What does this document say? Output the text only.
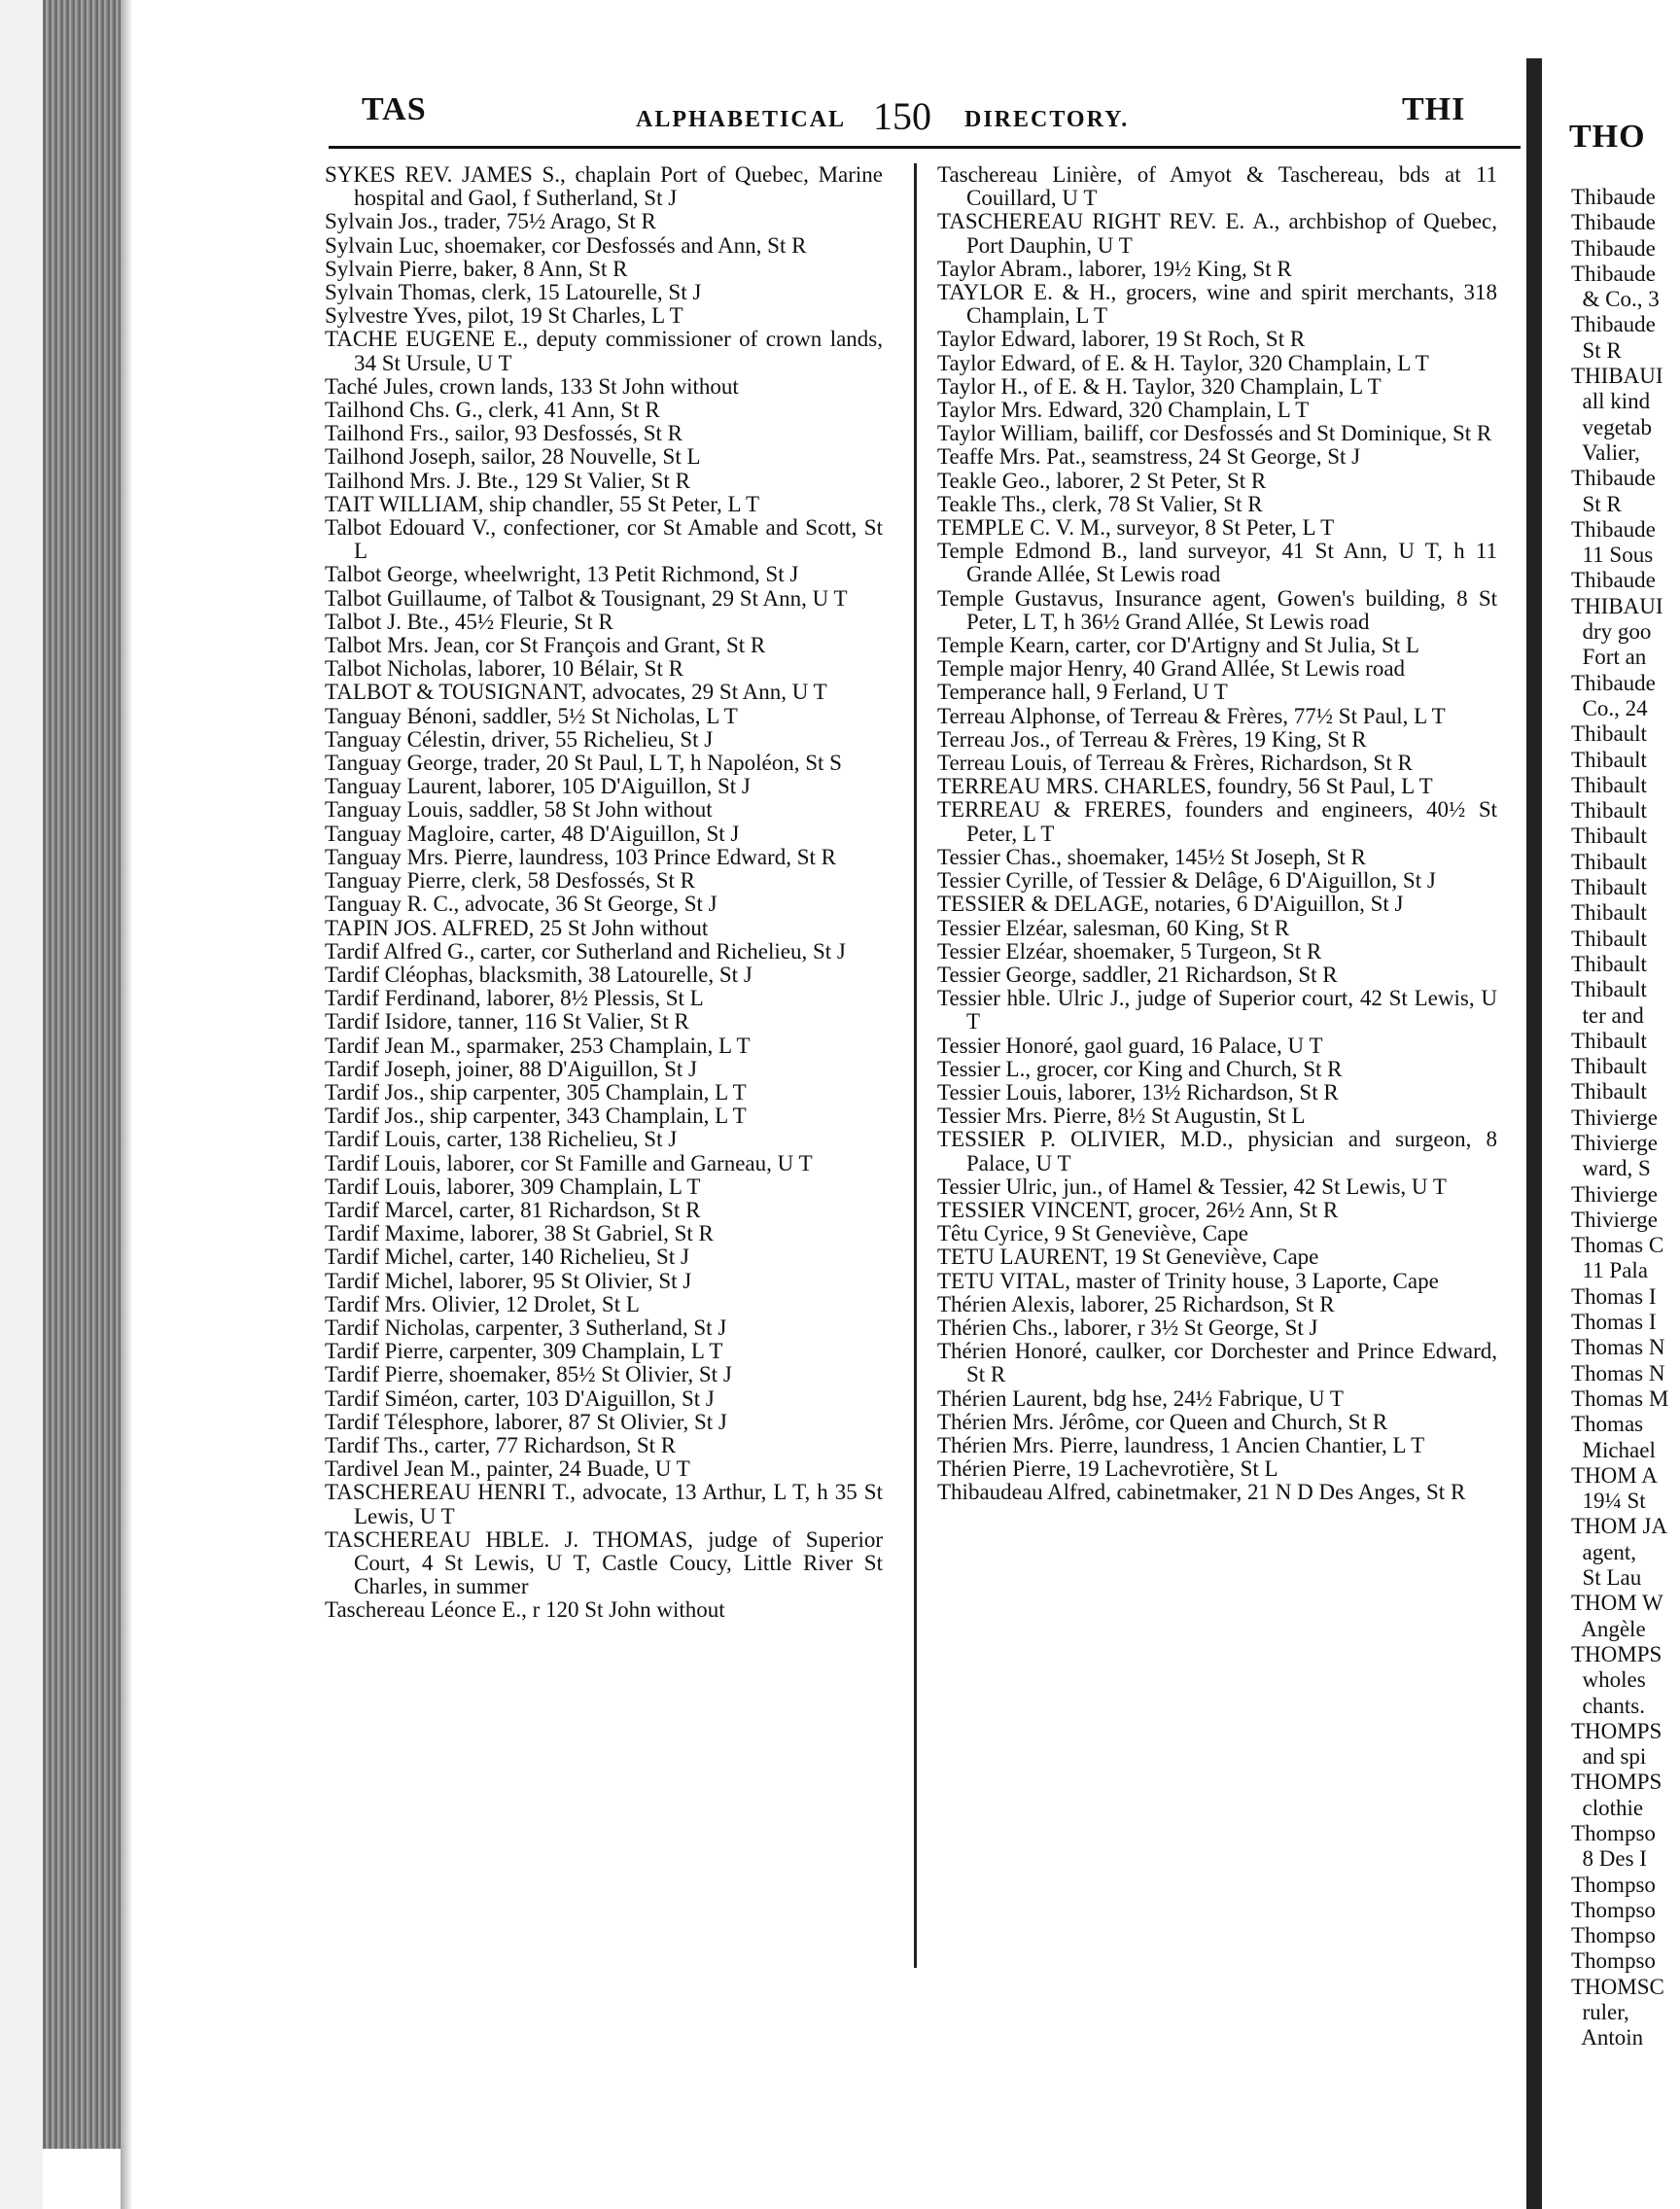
TAS	ALPHABETICAL 150 DIRECTORY.	THI

SYKES REV. JAMES S., chaplain Port of Quebec, Marine hospital and Gaol, f Sutherland, St J

Sylvain Jos., trader, 75½ Arago, St R

Sylvain Luc, shoemaker, cor Desfossés and Ann, St R

Sylvain Pierre, baker, 8 Ann, St R

Sylvain Thomas, clerk, 15 Latourelle, St J

Sylvestre Yves, pilot, 19 St Charles, L T

TACHE EUGENE E., deputy commissioner of crown lands, 34 St Ursule, U T

Taché Jules, crown lands, 133 St John without

Tailhond Chs. G., clerk, 41 Ann, St R

Tailhond Frs., sailor, 93 Desfossés, St R

Tailhond Joseph, sailor, 28 Nouvelle, St L

Tailhond Mrs. J. Bte., 129 St Valier, St R

TAIT WILLIAM, ship chandler, 55 St Peter, L T

Talbot Edouard V., confectioner, cor St Amable and Scott, St L

Talbot George, wheelwright, 13 Petit Richmond, St J

Talbot Guillaume, of Talbot & Tousignant, 29 St Ann, U T

Talbot J. Bte., 45½ Fleurie, St R

Talbot Mrs. Jean, cor St François and Grant, St R

Talbot Nicholas, laborer, 10 Bélair, St R

TALBOT & TOUSIGNANT, advocates, 29 St Ann, U T

Tanguay Bénoni, saddler, 5½ St Nicholas, L T

Tanguay Célestin, driver, 55 Richelieu, St J

Tanguay George, trader, 20 St Paul, L T, h Napoléon, St S

Tanguay Laurent, laborer, 105 D'Aiguillon, St J

Tanguay Louis, saddler, 58 St John without

Tanguay Magloire, carter, 48 D'Aiguillon, St J

Tanguay Mrs. Pierre, laundress, 103 Prince Edward, St R

Tanguay Pierre, clerk, 58 Desfossés, St R

Tanguay R. C., advocate, 36 St George, St J

TAPIN JOS. ALFRED, 25 St John without

Tardif Alfred G., carter, cor Sutherland and Richelieu, St J

Tardif Cléophas, blacksmith, 38 Latourelle, St J

Tardif Ferdinand, laborer, 8½ Plessis, St L

Tardif Isidore, tanner, 116 St Valier, St R

Tardif Jean M., sparmaker, 253 Champlain, L T

Tardif Joseph, joiner, 88 D'Aiguillon, St J

Tardif Jos., ship carpenter, 305 Champlain, L T

Tardif Jos., ship carpenter, 343 Champlain, L T

Tardif Louis, carter, 138 Richelieu, St J

Tardif Louis, laborer, cor St Famille and Garneau, U T

Tardif Louis, laborer, 309 Champlain, L T

Tardif Marcel, carter, 81 Richardson, St R

Tardif Maxime, laborer, 38 St Gabriel, St R

Tardif Michel, carter, 140 Richelieu, St J

Tardif Michel, laborer, 95 St Olivier, St J

Tardif Mrs. Olivier, 12 Drolet, St L

Tardif Nicholas, carpenter, 3 Sutherland, St J

Tardif Pierre, carpenter, 309 Champlain, L T

Tardif Pierre, shoemaker, 85½ St Olivier, St J

Tardif Siméon, carter, 103 D'Aiguillon, St J

Tardif Télesphore, laborer, 87 St Olivier, St J

Tardif Ths., carter, 77 Richardson, St R

Tardivel Jean M., painter, 24 Buade, U T

TASCHEREAU HENRI T., advocate, 13 Arthur, L T, h 35 St Lewis, U T

TASCHEREAU HBLE. J. THOMAS, judge of Superior Court, 4 St Lewis, U T, Castle Coucy, Little River St Charles, in summer

Taschereau Léonce E., r 120 St John without

Taschereau Linière, of Amyot & Taschereau, bds at 11 Couillard, U T

TASCHEREAU RIGHT REV. E. A., archbishop of Quebec, Port Dauphin, U T

Taylor Abram., laborer, 19½ King, St R

TAYLOR E. & H., grocers, wine and spirit merchants, 318 Champlain, L T

Taylor Edward, laborer, 19 St Roch, St R

Taylor Edward, of E. & H. Taylor, 320 Champlain, L T

Taylor H., of E. & H. Taylor, 320 Champlain, L T

Taylor Mrs. Edward, 320 Champlain, L T

Taylor William, bailiff, cor Desfossés and St Dominique, St R

Teaffe Mrs. Pat., seamstress, 24 St George, St J

Teakle Geo., laborer, 2 St Peter, St R

Teakle Ths., clerk, 78 St Valier, St R

TEMPLE C. V. M., surveyor, 8 St Peter, L T

Temple Edmond B., land surveyor, 41 St Ann, U T, h 11 Grande Allée, St Lewis road

Temple Gustavus, Insurance agent, Gowen's building, 8 St Peter, L T, h 36½ Grand Allée, St Lewis road

Temple Kearn, carter, cor D'Artigny and St Julia, St L

Temple major Henry, 40 Grand Allée, St Lewis road

Temperance hall, 9 Ferland, U T

Terreau Alphonse, of Terreau & Frères, 77½ St Paul, L T

Terreau Jos., of Terreau & Frères, 19 King, St R

Terreau Louis, of Terreau & Frères, Richardson, St R

TERREAU MRS. CHARLES, foundry, 56 St Paul, L T

TERREAU & FRERES, founders and engineers, 40½ St Peter, L T

Tessier Chas., shoemaker, 145½ St Joseph, St R

Tessier Cyrille, of Tessier & Delâge, 6 D'Aiguillon, St J

TESSIER & DELAGE, notaries, 6 D'Aiguillon, St J

Tessier Elzéar, salesman, 60 King, St R

Tessier Elzéar, shoemaker, 5 Turgeon, St R

Tessier George, saddler, 21 Richardson, St R

Tessier hble. Ulric J., judge of Superior court, 42 St Lewis, U T

Tessier Honoré, gaol guard, 16 Palace, U T

Tessier L., grocer, cor King and Church, St R

Tessier Louis, laborer, 13½ Richardson, St R

Tessier Mrs. Pierre, 8½ St Augustin, St L

TESSIER P. OLIVIER, M.D., physician and surgeon, 8 Palace, U T

Tessier Ulric, jun., of Hamel & Tessier, 42 St Lewis, U T

TESSIER VINCENT, grocer, 26½ Ann, St R

Têtu Cyrice, 9 St Geneviève, Cape

TETU LAURENT, 19 St Geneviève, Cape

TETU VITAL, master of Trinity house, 3 Laporte, Cape

Thérien Alexis, laborer, 25 Richardson, St R

Thérien Chs., laborer, r 3½ St George, St J

Thérien Honoré, caulker, cor Dorchester and Prince Edward, St R

Thérien Laurent, bdg hse, 24½ Fabrique, U T

Thérien Mrs. Jérôme, cor Queen and Church, St R

Thérien Mrs. Pierre, laundress, 1 Ancien Chantier, L T

Thérien Pierre, 19 Lachevrotière, St L

Thibaudeau Alfred, cabinetmaker, 21 N D Des Anges, St R

THO

Thibaude

Thibaude

Thibaude

Thibaude

& Co., 3

Thibaude

St R

THIBAUI

all kind

vegetab

Valier,

Thibaude

St R

Thibaude

11 Sous

Thibaude

THIBAUI

dry goo

Fort an

Thibaude

Co., 24

Thibault

Thibault

Thibault

Thibault

Thibault

Thibault

Thibault

Thibault

Thibault

Thibault

Thibault

ter and

Thibault

Thibault

Thibault

Thivierge

Thivierge

ward, S

Thivierge

Thivierge

Thomas C

11 Pala

Thomas I

Thomas I

Thomas N

Thomas N

Thomas M

Thomas

Michael

THOM A

19¼ St

THOM JA

agent,

St Lau

THOM W

Angèle

THOMPS

wholes

chants.

THOMPS

and spi

THOMPS

clothie

Thompso

8 Des I

Thompso

Thompso

Thompso

Thompso

THOMSC

ruler,

Antoin
